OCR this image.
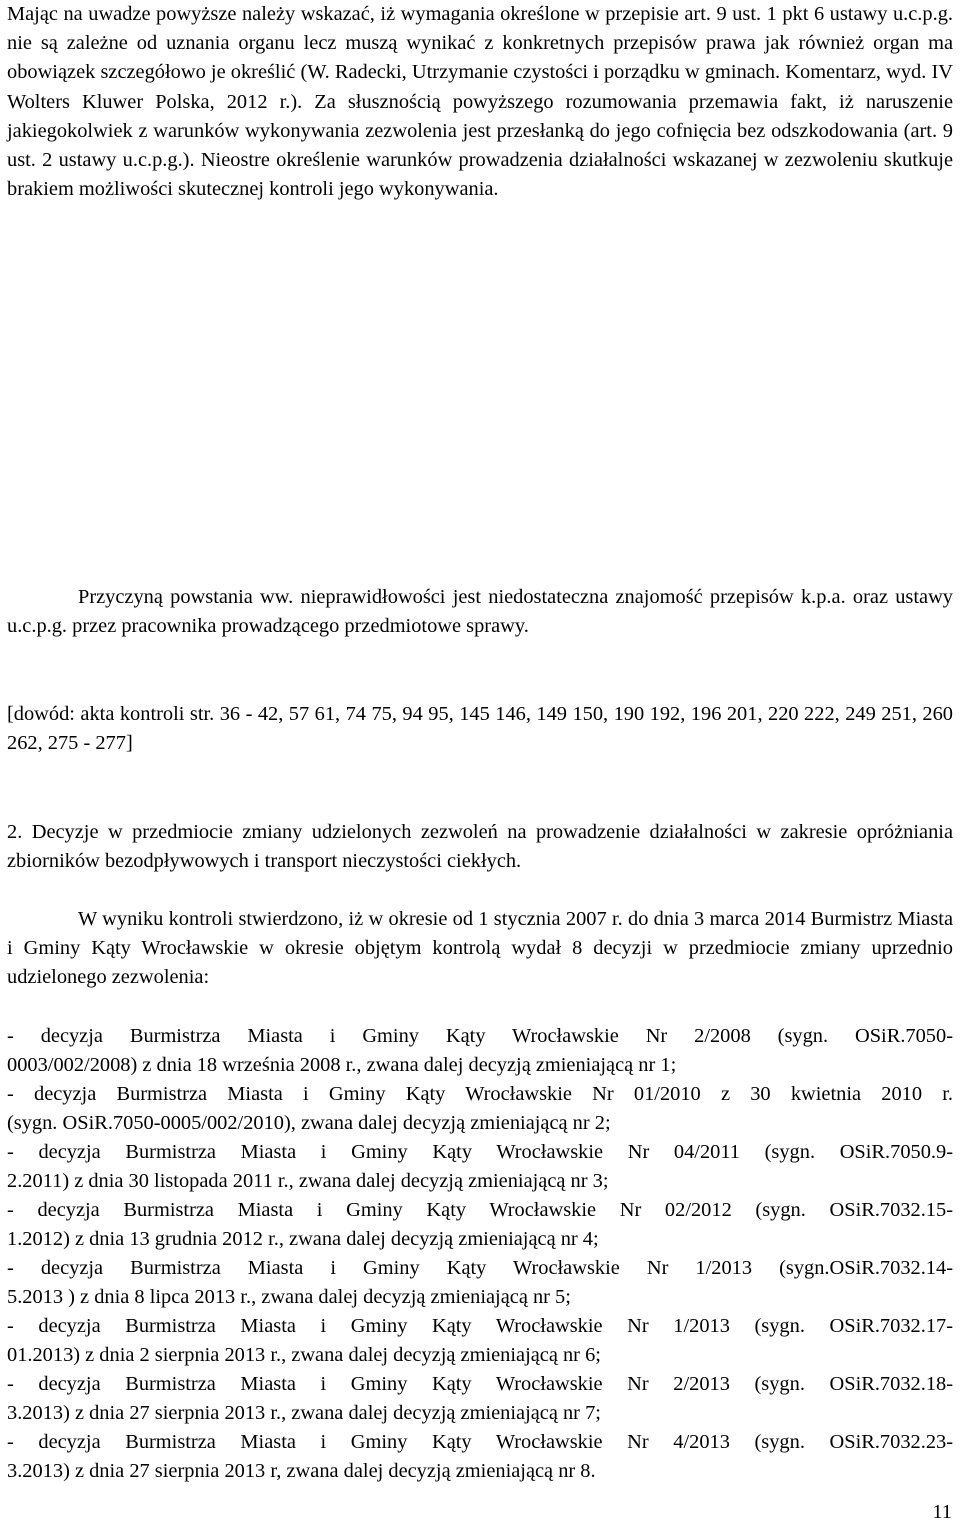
Mając na uwadze powyższe należy wskazać, iż wymagania określone w przepisie art. 9 ust. 1 pkt 6 ustawy u.c.p.g. nie są zależne od uznania organu lecz muszą wynikać z konkretnych przepisów prawa jak również organ ma obowiązek szczegółowo je określić (W. Radecki, Utrzymanie czystości i porządku w gminach. Komentarz, wyd. IV Wolters Kluwer Polska, 2012 r.). Za słusznością powyższego rozumowania przemawia fakt, iż naruszenie jakiegokolwiek z warunków wykonywania zezwolenia jest przesłanką do jego cofnięcia bez odszkodowania (art. 9 ust. 2 ustawy u.c.p.g.). Nieostre określenie warunków prowadzenia działalności wskazanej w zezwoleniu skutkuje brakiem możliwości skutecznej kontroli jego wykonywania.

Przyczyną powstania ww. nieprawidłowości jest niedostateczna znajomość przepisów k.p.a. oraz ustawy u.c.p.g. przez pracownika prowadzącego przedmiotowe sprawy.

[dowód: akta kontroli str. 36 - 42, 57 61, 74 75, 94 95, 145 146, 149 150, 190 192, 196 201, 220 222, 249 251, 260 262, 275 - 277]

2. Decyzje w przedmiocie zmiany udzielonych zezwoleń na prowadzenie działalności w zakresie opróżniania zbiorników bezodpływowych i transport nieczystości ciekłych.

W wyniku kontroli stwierdzono, iż w okresie od 1 stycznia 2007 r. do dnia 3 marca 2014 Burmistrz Miasta i Gminy Kąty Wrocławskie w okresie objętym kontrolą wydał 8 decyzji w przedmiocie zmiany uprzednio udzielonego zezwolenia:

- decyzja Burmistrza Miasta i Gminy Kąty Wrocławskie Nr 2/2008 (sygn. OSiR.7050-

0003/002/2008) z dnia 18 września 2008 r., zwana dalej decyzją zmieniającą nr 1;

- decyzja Burmistrza Miasta i Gminy Kąty Wrocławskie Nr 01/2010 z 30 kwietnia 2010 r.

(sygn. OSiR.7050-0005/002/2010), zwana dalej decyzją zmieniającą nr 2;

- decyzja Burmistrza Miasta i Gminy Kąty Wrocławskie Nr 04/2011 (sygn. OSiR.7050.9-

2.2011) z dnia 30 listopada 2011 r., zwana dalej decyzją zmieniającą nr 3;

- decyzja Burmistrza Miasta i Gminy Kąty Wrocławskie Nr 02/2012 (sygn. OSiR.7032.15-

1.2012) z dnia 13 grudnia 2012 r., zwana dalej decyzją zmieniającą nr 4;

- decyzja Burmistrza Miasta i Gminy Kąty Wrocławskie Nr 1/2013 (sygn.OSiR.7032.14-

5.2013 ) z dnia 8 lipca 2013 r., zwana dalej decyzją zmieniającą nr 5;

- decyzja Burmistrza Miasta i Gminy Kąty Wrocławskie Nr 1/2013 (sygn. OSiR.7032.17-

01.2013) z dnia 2 sierpnia 2013 r., zwana dalej decyzją zmieniającą nr 6;

- decyzja Burmistrza Miasta i Gminy Kąty Wrocławskie Nr 2/2013 (sygn. OSiR.7032.18-

3.2013) z dnia 27 sierpnia 2013 r., zwana dalej decyzją zmieniającą nr 7;

- decyzja Burmistrza Miasta i Gminy Kąty Wrocławskie Nr 4/2013 (sygn. OSiR.7032.23-

3.2013) z dnia 27 sierpnia 2013 r, zwana dalej decyzją zmieniającą nr 8.

11
